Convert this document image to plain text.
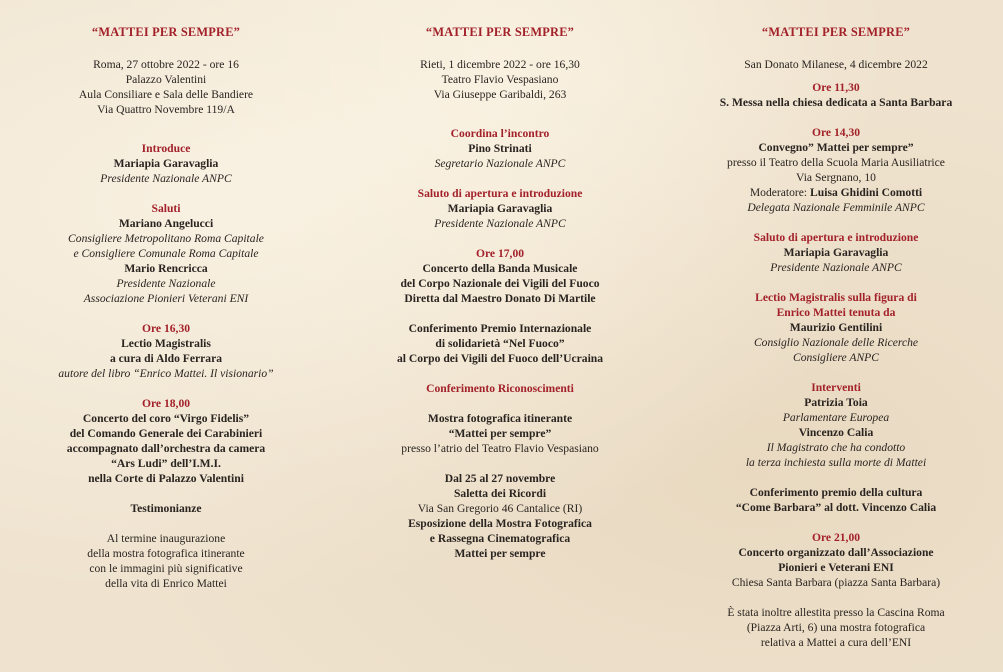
“MATTEI PER SEMPRE”
Roma, 27 ottobre 2022 - ore 16
Palazzo Valentini
Aula Consiliare e Sala delle Bandiere
Via Quattro Novembre 119/A
Introduce
Mariapia Garavaglia
Presidente Nazionale ANPC
Saluti
Mariano Angelucci
Consigliere Metropolitano Roma Capitale
e Consigliere Comunale Roma Capitale
Mario Rencricca
Presidente Nazionale
Associazione Pionieri Veterani ENI
Ore 16,30
Lectio Magistralis
a cura di Aldo Ferrara
autore del libro “Enrico Mattei. Il visionario”
Ore 18,00
Concerto del coro “Virgo Fidelis”
del Comando Generale dei Carabinieri
accompagnato dall’orchestra da camera
“Ars Ludi” dell’I.M.I.
nella Corte di Palazzo Valentini
Testimonianze
Al termine inaugurazione
della mostra fotografica itinerante
con le immagini più significative
della vita di Enrico Mattei
“MATTEI PER SEMPRE”
Rieti, 1 dicembre 2022 - ore 16,30
Teatro Flavio Vespasiano
Via Giuseppe Garibaldi, 263
Coordina l’incontro
Pino Strinati
Segretario Nazionale ANPC
Saluto di apertura e introduzione
Mariapia Garavaglia
Presidente Nazionale ANPC
Ore 17,00
Concerto della Banda Musicale
del Corpo Nazionale dei Vigili del Fuoco
Diretta dal Maestro Donato Di Martile
Conferimento Premio Internazionale
di solidarietà “Nel Fuoco”
al Corpo dei Vigili del Fuoco dell’Ucraina
Conferimento Riconoscimenti
Mostra fotografica itinerante
“Mattei per sempre”
presso l’atrio del Teatro Flavio Vespasiano
Dal 25 al 27 novembre
Saletta dei Ricordi
Via San Gregorio 46 Cantalice (RI)
Esposizione della Mostra Fotografica
e Rassegna Cinematografica
Mattei per sempre
“MATTEI PER SEMPRE”
San Donato Milanese, 4 dicembre 2022
Ore 11,30
S. Messa nella chiesa dedicata a Santa Barbara
Ore 14,30
Convegno” Mattei per sempre”
presso il Teatro della Scuola Maria Ausiliatrice
Via Sergnano, 10
Moderatore: Luisa Ghidini Comotti
Delegata Nazionale Femminile ANPC
Saluto di apertura e introduzione
Mariapia Garavaglia
Presidente Nazionale ANPC
Lectio Magistralis sulla figura di
Enrico Mattei tenuta da
Maurizio Gentilini
Consiglio Nazionale delle Ricerche
Consigliere ANPC
Interventi
Patrizia Toia
Parlamentare Europea
Vincenzo Calia
Il Magistrato che ha condotto
la terza inchiesta sulla morte di Mattei
Conferimento premio della cultura
“Come Barbara” al dott. Vincenzo Calia
Ore 21,00
Concerto organizzato dall’Associazione
Pionieri e Veterani ENI
Chiesa Santa Barbara (piazza Santa Barbara)
È stata inoltre allestita presso la Cascina Roma
(Piazza Arti, 6) una mostra fotografica
relativa a Mattei a cura dell’ENI
